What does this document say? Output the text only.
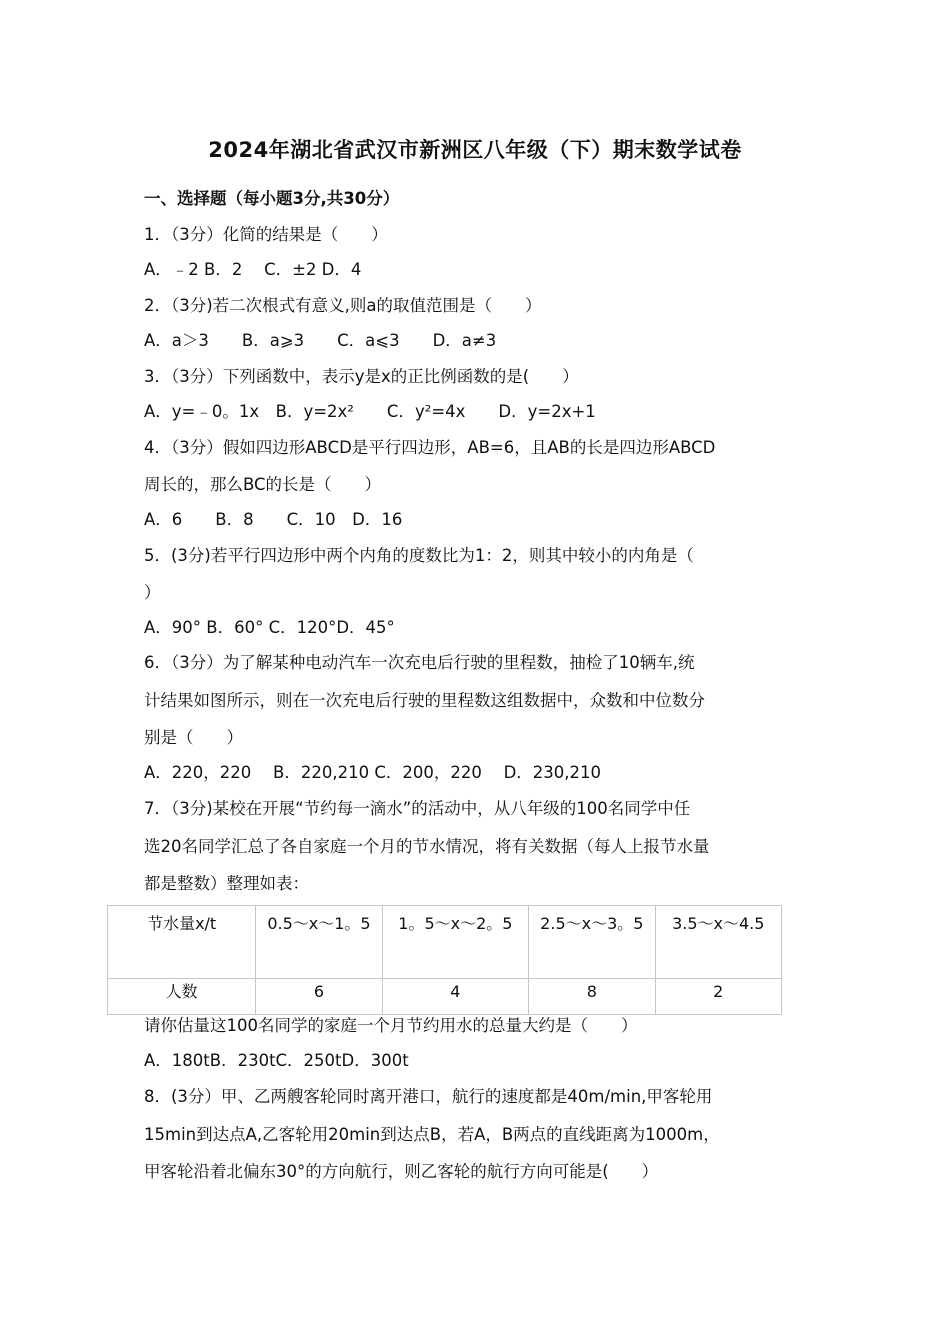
2024年湖北省武汉市新洲区八年级（下）期末数学试卷
一、选择题（每小题3分,共30分）
1．（3分）化简的结果是（　　）
A．﹣2 B．2　 C．±2 D．4
2．（3分)若二次根式有意义,则a的取值范围是（　　）
A．a＞3　　B．a⩾3　　C．a⩽3　　D．a≠3
3．（3分）下列函数中，表示y是x的正比例函数的是(　　）
A．y=﹣0。1x　B．y=2x²　　C．y²=4x　　D．y=2x+1
4．（3分）假如四边形ABCD是平行四边形，AB=6，且AB的长是四边形ABCD
周长的，那么BC的长是（　　）
A．6　　B．8　　C．10　D．16
5．(3分)若平行四边形中两个内角的度数比为1：2，则其中较小的内角是（
）
A．90° B．60° C．120°D．45°
6．（3分）为了解某种电动汽车一次充电后行驶的里程数，抽检了10辆车,统
计结果如图所示，则在一次充电后行驶的里程数这组数据中，众数和中位数分
别是（　　）
A．220，220　 B．220,210 C．200，220　 D．230,210
7．（3分)某校在开展“节约每一滴水”的活动中，从八年级的100名同学中任
选20名同学汇总了各自家庭一个月的节水情况，将有关数据（每人上报节水量
都是整数）整理如表：
节水量x/t	0.5～x～1。5	1。5～x～2。5	2.5～x～3。5	3.5～x～4.5
人数	6	4	8	2
请你估量这100名同学的家庭一个月节约用水的总量大约是（　　）
A．180tB．230tC．250tD．300t
8．(3分）甲、乙两艘客轮同时离开港口，航行的速度都是40m/min,甲客轮用
15min到达点A,乙客轮用20min到达点B，若A，B两点的直线距离为1000m，
甲客轮沿着北偏东30°的方向航行，则乙客轮的航行方向可能是(　　）
